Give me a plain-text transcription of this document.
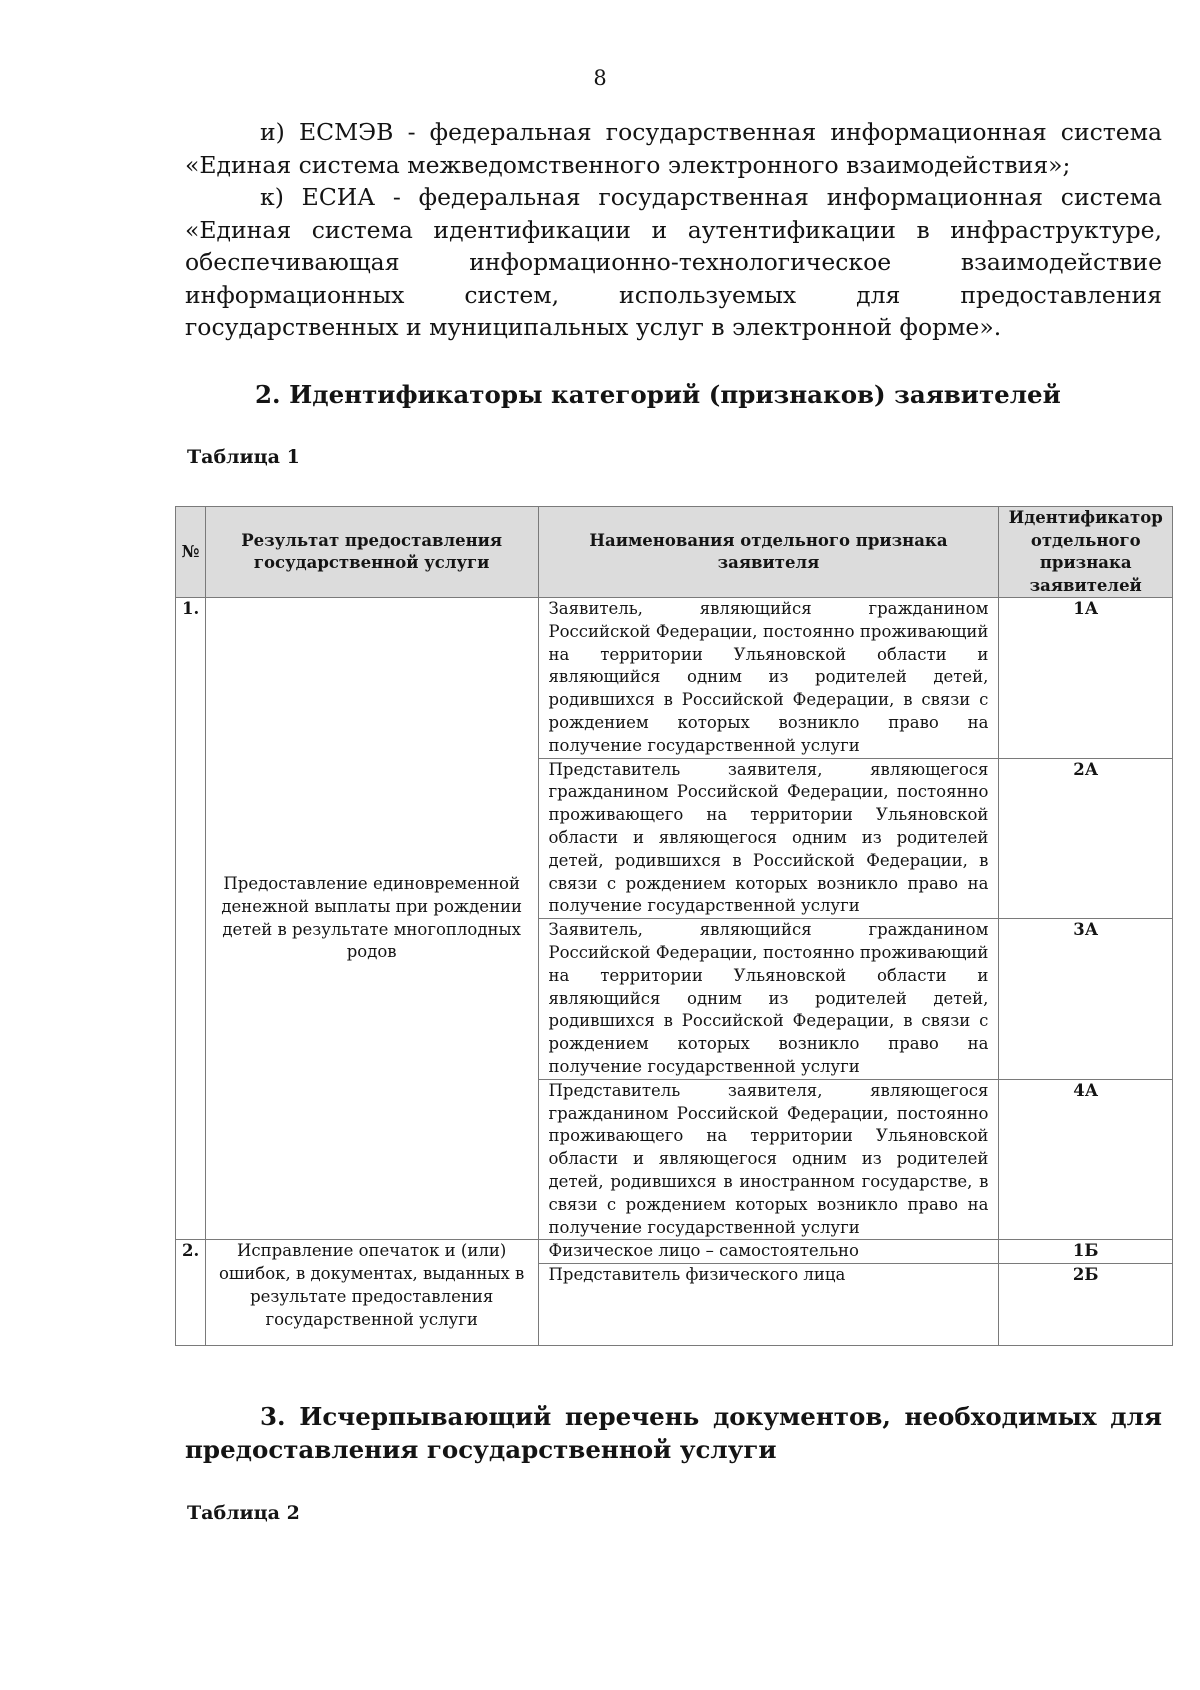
8

и) ЕСМЭВ - федеральная государственная информационная система «Единая система межведомственного электронного взаимодействия»;

к) ЕСИА - федеральная государственная информационная система «Единая система идентификации и аутентификации в инфраструктуре, обеспечивающая информационно-технологическое взаимодействие информационных систем, используемых для предоставления государственных и муниципальных услуг в электронной форме».

2. Идентификаторы категорий (признаков) заявителей
Таблица 1
№	Результат предоставления государственной услуги	Наименования отдельного признака заявителя	Идентификатор отдельного признака заявителей
1.	Предоставление единовременной денежной выплаты при рождении детей в результате многоплодных родов	Заявитель, являющийся гражданином Российской Федерации, постоянно проживающий на территории Ульяновской области и являющийся одним из родителей детей, родившихся в Российской Федерации, в связи с рождением которых возникло право на получение государственной услуги	1А
		Представитель заявителя, являющегося гражданином Российской Федерации, постоянно проживающего на территории Ульяновской области и являющегося одним из родителей детей, родившихся в Российской Федерации, в связи с рождением которых возникло право на получение государственной услуги	2А
		Заявитель, являющийся гражданином Российской Федерации, постоянно проживающий на территории Ульяновской области и являющийся одним из родителей детей, родившихся в Российской Федерации, в связи с рождением которых возникло право на получение государственной услуги	3А
		Представитель заявителя, являющегося гражданином Российской Федерации, постоянно проживающего на территории Ульяновской области и являющегося одним из родителей детей, родившихся в иностранном государстве, в связи с рождением которых возникло право на получение государственной услуги	4А
2.	Исправление опечаток и (или) ошибок, в документах, выданных в результате предоставления государственной услуги	Физическое лицо – самостоятельно	1Б
		Представитель физического лица	2Б
3. Исчерпывающий перечень документов, необходимых для предоставления государственной услуги
Таблица 2
